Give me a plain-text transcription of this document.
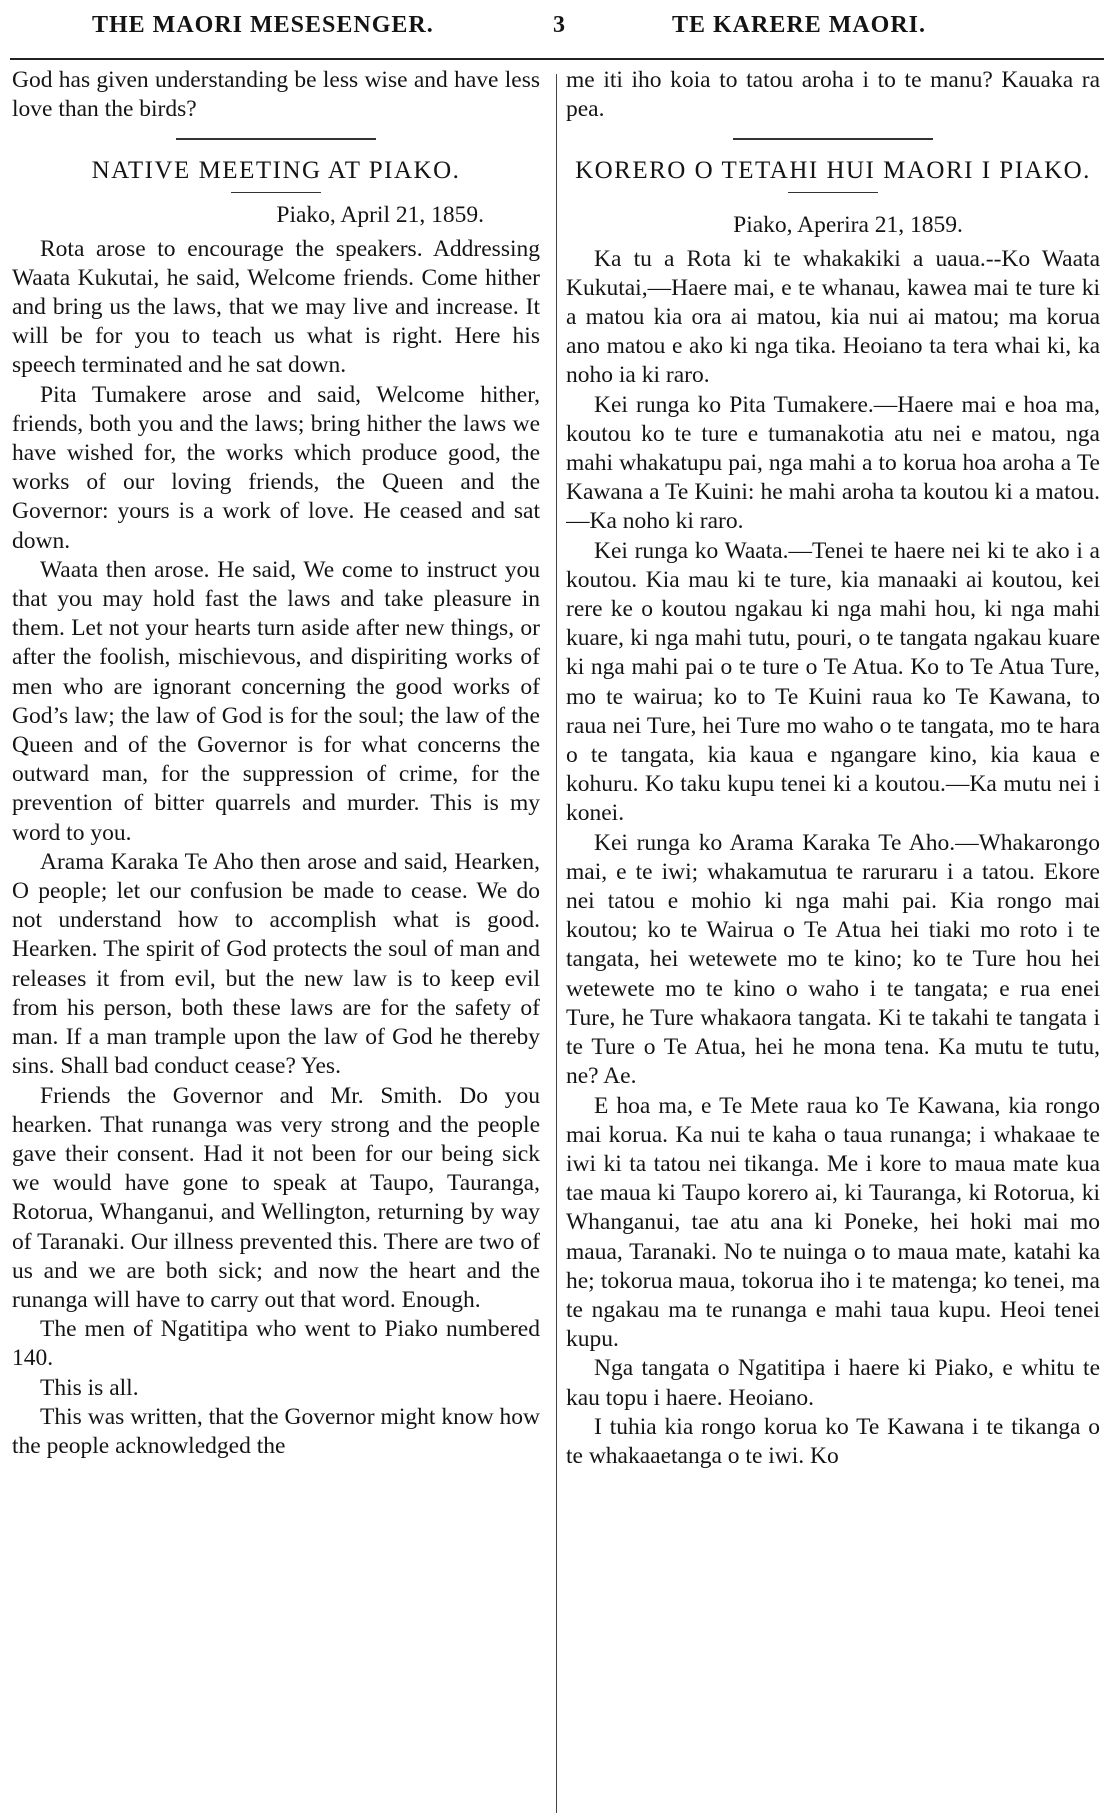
THE MAORI MESESENGER.	3	TE KARERE MAORI.

God has given understanding be less wise and have less love than the birds?

NATIVE MEETING AT PIAKO.
Piako, April 21, 1859.

Rota arose to encourage the speakers. Addressing Waata Kukutai, he said, Welcome friends. Come hither and bring us the laws, that we may live and increase. It will be for you to teach us what is right. Here his speech terminated and he sat down.

Pita Tumakere arose and said, Welcome hither, friends, both you and the laws; bring hither the laws we have wished for, the works which produce good, the works of our loving friends, the Queen and the Governor: yours is a work of love. He ceased and sat down.

Waata then arose. He said, We come to instruct you that you may hold fast the laws and take pleasure in them. Let not your hearts turn aside after new things, or after the foolish, mischievous, and dispiriting works of men who are ignorant concerning the good works of God’s law; the law of God is for the soul; the law of the Queen and of the Governor is for what concerns the outward man, for the suppression of crime, for the prevention of bitter quarrels and murder. This is my word to you.

Arama Karaka Te Aho then arose and said, Hearken, O people; let our confusion be made to cease. We do not understand how to accomplish what is good. Hearken. The spirit of God protects the soul of man and releases it from evil, but the new law is to keep evil from his person, both these laws are for the safety of man. If a man trample upon the law of God he thereby sins. Shall bad conduct cease? Yes.

Friends the Governor and Mr. Smith. Do you hearken. That runanga was very strong and the people gave their consent. Had it not been for our being sick we would have gone to speak at Taupo, Tauranga, Rotorua, Whanganui, and Wellington, returning by way of Taranaki. Our illness prevented this. There are two of us and we are both sick; and now the heart and the runanga will have to carry out that word. Enough.

The men of Ngatitipa who went to Piako numbered 140.

This is all.

This was written, that the Governor might know how the people acknowledged the

me iti iho koia to tatou aroha i to te manu? Kauaka ra pea.

KORERO O TETAHI HUI MAORI I PIAKO.
Piako, Aperira 21, 1859.

Ka tu a Rota ki te whakakiki a uaua.--Ko Waata Kukutai,—Haere mai, e te whanau, kawea mai te ture ki a matou kia ora ai matou, kia nui ai matou; ma korua ano matou e ako ki nga tika. Heoiano ta tera whai ki, ka noho ia ki raro.

Kei runga ko Pita Tumakere.—Haere mai e hoa ma, koutou ko te ture e tumanakotia atu nei e matou, nga mahi whakatupu pai, nga mahi a to korua hoa aroha a Te Kawana a Te Kuini: he mahi aroha ta koutou ki a matou.—Ka noho ki raro.

Kei runga ko Waata.—Tenei te haere nei ki te ako i a koutou. Kia mau ki te ture, kia manaaki ai koutou, kei rere ke o koutou ngakau ki nga mahi hou, ki nga mahi kuare, ki nga mahi tutu, pouri, o te tangata ngakau kuare ki nga mahi pai o te ture o Te Atua. Ko to Te Atua Ture, mo te wairua; ko to Te Kuini raua ko Te Kawana, to raua nei Ture, hei Ture mo waho o te tangata, mo te hara o te tangata, kia kaua e ngangare kino, kia kaua e kohuru. Ko taku kupu tenei ki a koutou.—Ka mutu nei i konei.

Kei runga ko Arama Karaka Te Aho.—Whakarongo mai, e te iwi; whakamutua te raruraru i a tatou. Ekore nei tatou e mohio ki nga mahi pai. Kia rongo mai koutou; ko te Wairua o Te Atua hei tiaki mo roto i te tangata, hei wetewete mo te kino; ko te Ture hou hei wetewete mo te kino o waho i te tangata; e rua enei Ture, he Ture whakaora tangata. Ki te takahi te tangata i te Ture o Te Atua, hei he mona tena. Ka mutu te tutu, ne? Ae.

E hoa ma, e Te Mete raua ko Te Kawana, kia rongo mai korua. Ka nui te kaha o taua runanga; i whakaae te iwi ki ta tatou nei tikanga. Me i kore to maua mate kua tae maua ki Taupo korero ai, ki Tauranga, ki Rotorua, ki Whanganui, tae atu ana ki Poneke, hei hoki mai mo maua, Taranaki. No te nuinga o to maua mate, katahi ka he; tokorua maua, tokorua iho i te matenga; ko tenei, ma te ngakau ma te runanga e mahi taua kupu. Heoi tenei kupu.

Nga tangata o Ngatitipa i haere ki Piako, e whitu te kau topu i haere. Heoiano.

I tuhia kia rongo korua ko Te Kawana i te tikanga o te whakaaetanga o te iwi. Ko
